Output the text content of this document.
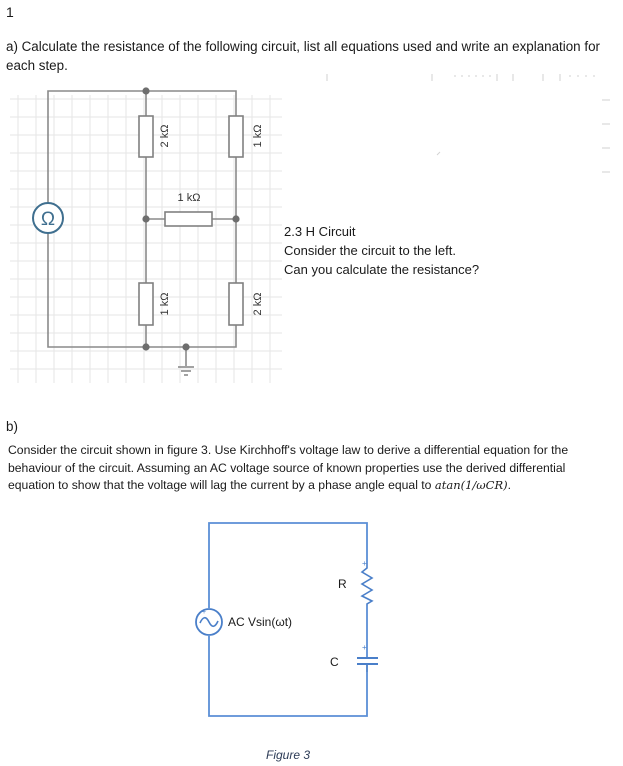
1
a) Calculate the resistance of the following circuit, list all equations used and write an explanation for each step.
2 kΩ	1 kΩ
1 kΩ
1 kΩ	2 kΩ
Ω
2.3 H Circuit
Consider the circuit to the left.
Can you calculate the resistance?
b)
Consider the circuit shown in figure 3. Use Kirchhoff's voltage law to derive a differential equation for the behaviour of the circuit. Assuming an AC voltage source of known properties use the derived differential equation to show that the voltage will lag the current by a phase angle equal to atan(1/ωCR).
+
AC Vsin(ωt)
R
+
C
+
Figure 3
